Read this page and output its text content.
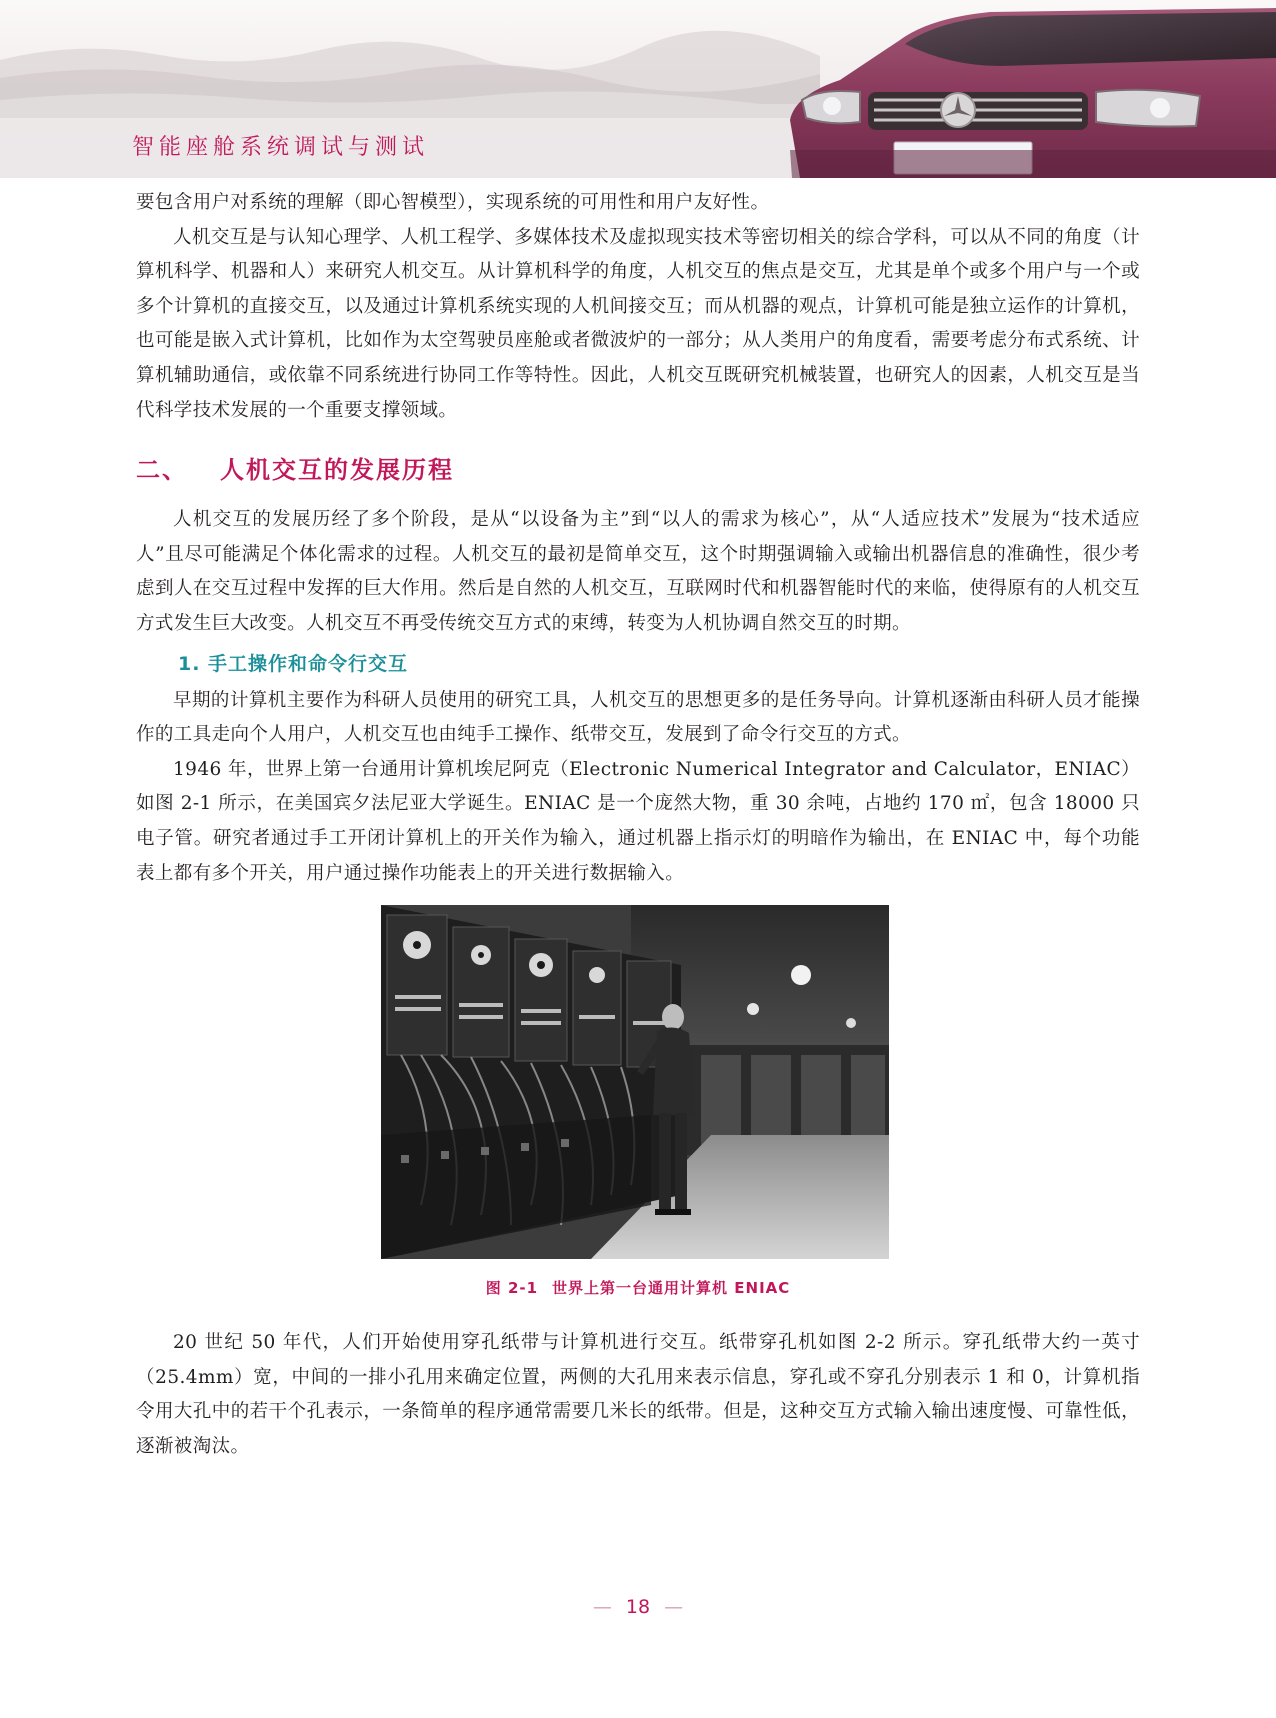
智能座舱系统调试与测试

要包含用户对系统的理解（即心智模型），实现系统的可用性和用户友好性。

人机交互是与认知心理学、人机工程学、多媒体技术及虚拟现实技术等密切相关的综合学科，可以从不同的角度（计算机科学、机器和人）来研究人机交互。从计算机科学的角度，人机交互的焦点是交互，尤其是单个或多个用户与一个或多个计算机的直接交互，以及通过计算机系统实现的人机间接交互；而从机器的观点，计算机可能是独立运作的计算机，也可能是嵌入式计算机，比如作为太空驾驶员座舱或者微波炉的一部分；从人类用户的角度看，需要考虑分布式系统、计算机辅助通信，或依靠不同系统进行协同工作等特性。因此，人机交互既研究机械装置，也研究人的因素，人机交互是当代科学技术发展的一个重要支撑领域。

二、 人机交互的发展历程

人机交互的发展历经了多个阶段，是从“以设备为主”到“以人的需求为核心”，从“人适应技术”发展为“技术适应人”且尽可能满足个体化需求的过程。人机交互的最初是简单交互，这个时期强调输入或输出机器信息的准确性，很少考虑到人在交互过程中发挥的巨大作用。然后是自然的人机交互，互联网时代和机器智能时代的来临，使得原有的人机交互方式发生巨大改变。人机交互不再受传统交互方式的束缚，转变为人机协调自然交互的时期。

1. 手工操作和命令行交互

早期的计算机主要作为科研人员使用的研究工具，人机交互的思想更多的是任务导向。计算机逐渐由科研人员才能操作的工具走向个人用户，人机交互也由纯手工操作、纸带交互，发展到了命令行交互的方式。

1946 年，世界上第一台通用计算机埃尼阿克（Electronic Numerical Integrator and Calculator，ENIAC）如图 2-1 所示，在美国宾夕法尼亚大学诞生。ENIAC 是一个庞然大物，重 30 余吨，占地约 170 ㎡，包含 18000 只电子管。研究者通过手工开闭计算机上的开关作为输入，通过机器上指示灯的明暗作为输出，在 ENIAC 中，每个功能表上都有多个开关，用户通过操作功能表上的开关进行数据输入。

图 2-1 世界上第一台通用计算机 ENIAC

20 世纪 50 年代，人们开始使用穿孔纸带与计算机进行交互。纸带穿孔机如图 2-2 所示。穿孔纸带大约一英寸（25.4mm）宽，中间的一排小孔用来确定位置，两侧的大孔用来表示信息，穿孔或不穿孔分别表示 1 和 0，计算机指令用大孔中的若干个孔表示，一条简单的程序通常需要几米长的纸带。但是，这种交互方式输入输出速度慢、可靠性低，逐渐被淘汰。

— 18 —
